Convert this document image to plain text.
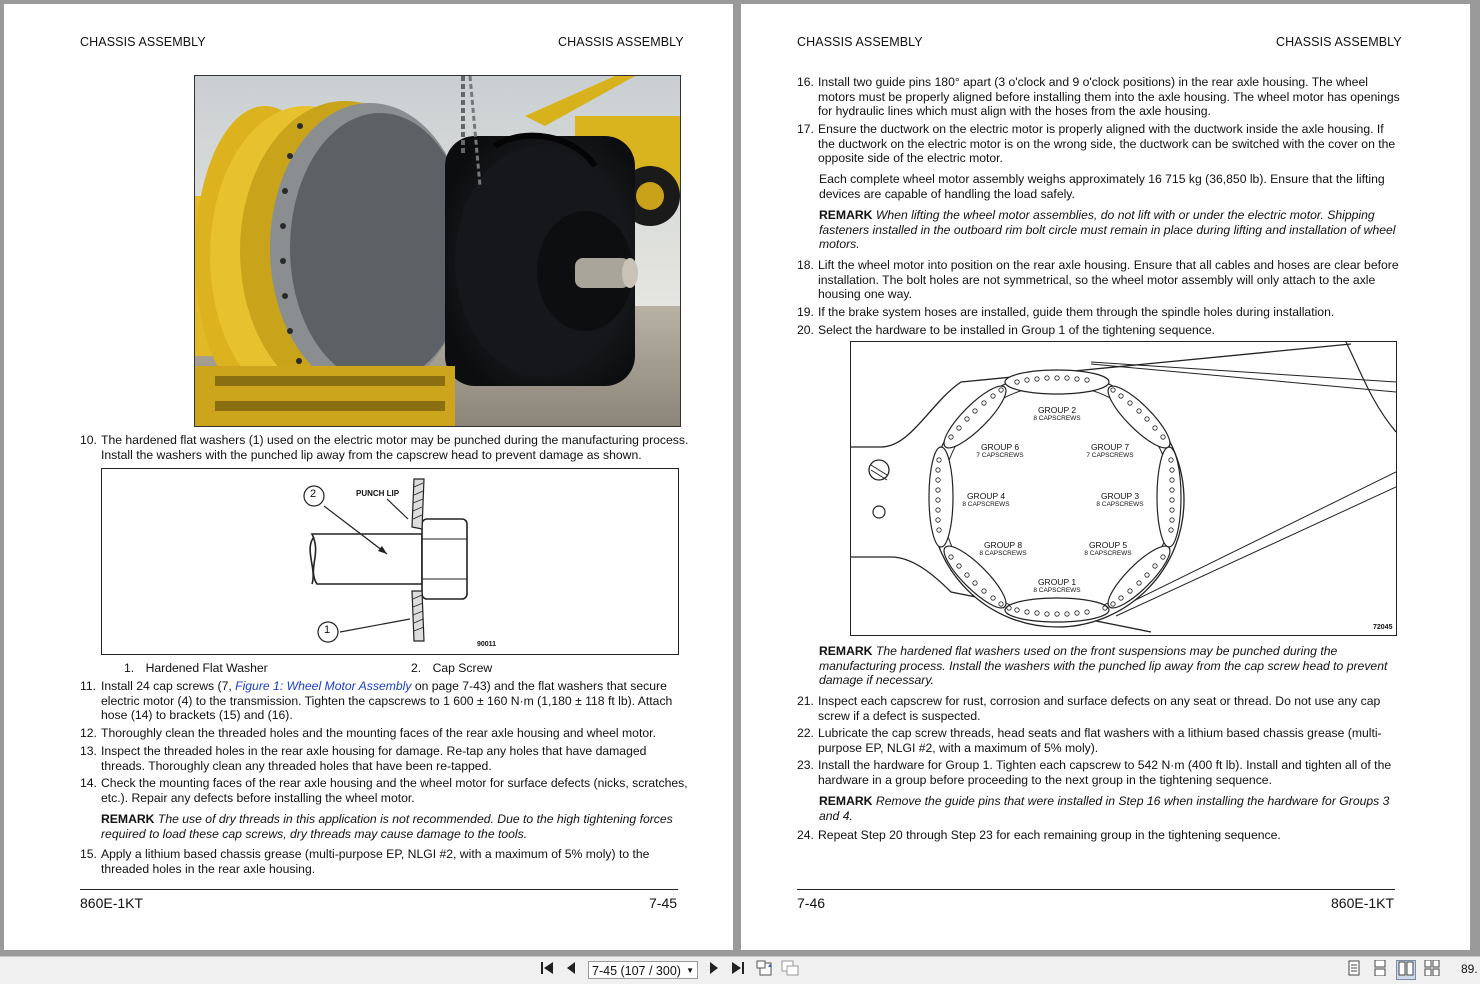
CHASSIS ASSEMBLY	CHASSIS ASSEMBLY
10. The hardened flat washers (1) used on the electric motor may be punched during the manufacturing process.
Install the washers with the punched lip away from the capscrew head to prevent damage as shown.
2
1
PUNCH LIP
90011
1. Hardened Flat Washer	2. Cap Screw
11. Install 24 cap screws (7, Figure 1: Wheel Motor Assembly on page 7-43) and the flat washers that secure
electric motor (4) to the transmission. Tighten the capscrews to 1 600 ± 160 N·m (1,180 ± 118 ft lb). Attach
hose (14) to brackets (15) and (16).
12. Thoroughly clean the threaded holes and the mounting faces of the rear axle housing and wheel motor.
13. Inspect the threaded holes in the rear axle housing for damage. Re-tap any holes that have damaged
threads. Thoroughly clean any threaded holes that have been re-tapped.
14. Check the mounting faces of the rear axle housing and the wheel motor for surface defects (nicks, scratches,
etc.). Repair any defects before installing the wheel motor.
REMARK The use of dry threads in this application is not recommended. Due to the high tightening forces
required to load these cap screws, dry threads may cause damage to the tools.
15. Apply a lithium based chassis grease (multi-purpose EP, NLGI #2, with a maximum of 5% moly) to the
threaded holes in the rear axle housing.
860E-1KT	7-45
CHASSIS ASSEMBLY	CHASSIS ASSEMBLY
16. Install two guide pins 180° apart (3 o'clock and 9 o'clock positions) in the rear axle housing. The wheel
motors must be properly aligned before installing them into the axle housing. The wheel motor has openings
for hydraulic lines which must align with the hoses from the axle housing.
17. Ensure the ductwork on the electric motor is properly aligned with the ductwork inside the axle housing. If
the ductwork on the electric motor is on the wrong side, the ductwork can be switched with the cover on the
opposite side of the electric motor.
Each complete wheel motor assembly weighs approximately 16 715 kg (36,850 lb). Ensure that the lifting
devices are capable of handling the load safely.
REMARK When lifting the wheel motor assemblies, do not lift with or under the electric motor. Shipping
fasteners installed in the outboard rim bolt circle must remain in place during lifting and installation of wheel
motors.
18. Lift the wheel motor into position on the rear axle housing. Ensure that all cables and hoses are clear before
installation. The bolt holes are not symmetrical, so the wheel motor assembly will only attach to the axle
housing one way.
19. If the brake system hoses are installed, guide them through the spindle holes during installation.
20. Select the hardware to be installed in Group 1 of the tightening sequence.
GROUP 2
8 CAPSCREWS
GROUP 6
7 CAPSCREWS
GROUP 7
7 CAPSCREWS
GROUP 4
8 CAPSCREWS
GROUP 3
8 CAPSCREWS
GROUP 8
8 CAPSCREWS
GROUP 5
8 CAPSCREWS
GROUP 1
8 CAPSCREWS
72045
REMARK The hardened flat washers used on the front suspensions may be punched during the
manufacturing process. Install the washers with the punched lip away from the cap screw head to prevent
damage if necessary.
21. Inspect each capscrew for rust, corrosion and surface defects on any seat or thread. Do not use any cap
screw if a defect is suspected.
22. Lubricate the cap screw threads, head seats and flat washers with a lithium based chassis grease (multi-
purpose EP, NLGI #2, with a maximum of 5% moly).
23. Install the hardware for Group 1. Tighten each capscrew to 542 N·m (400 ft lb). Install and tighten all of the
hardware in a group before proceeding to the next group in the tightening sequence.
REMARK Remove the guide pins that were installed in Step 16 when installing the hardware for Groups 3
and 4.
24. Repeat Step 20 through Step 23 for each remaining group in the tightening sequence.
7-46	860E-1KT
7-45 (107 / 300) ▼	89.
